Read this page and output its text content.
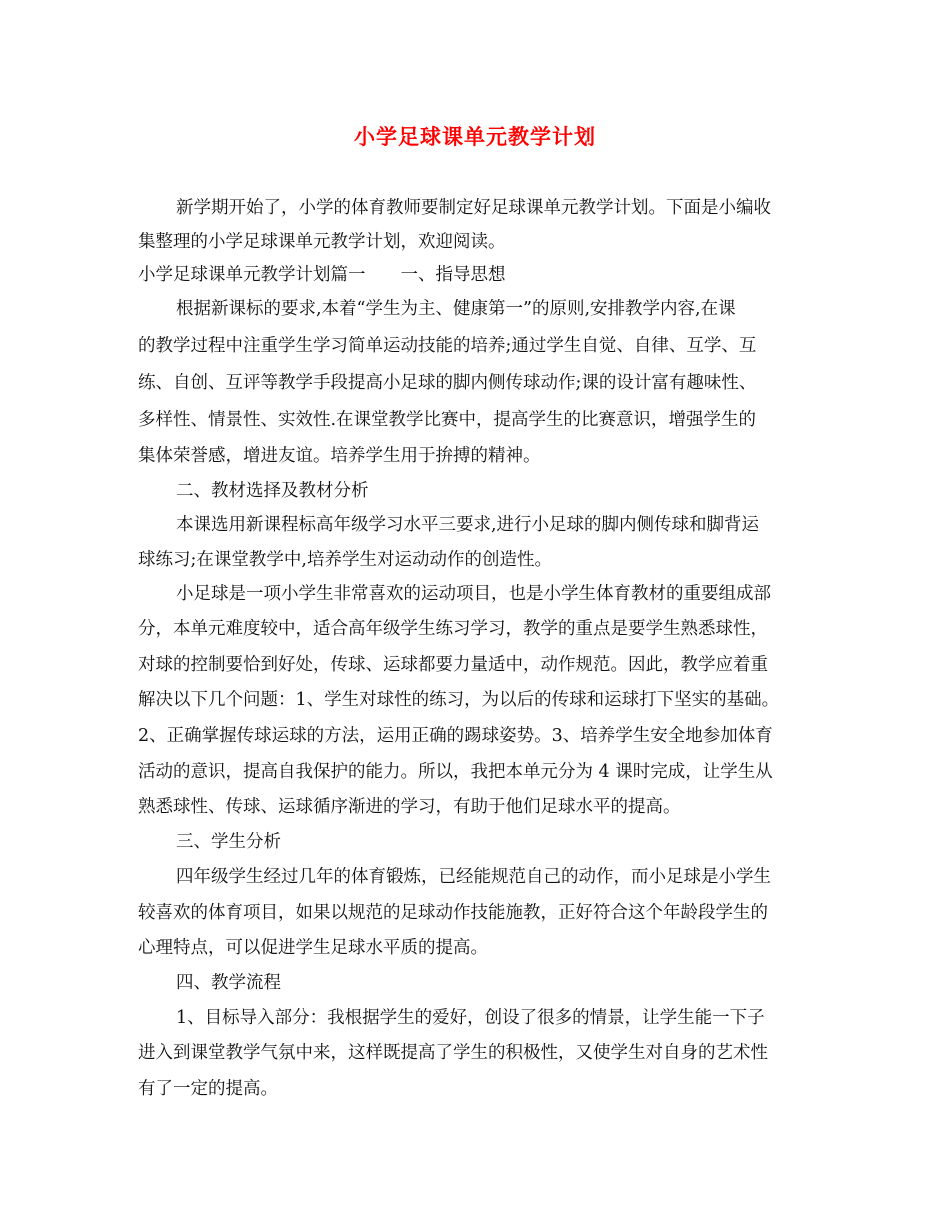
小学足球课单元教学计划
新学期开始了，小学的体育教师要制定好足球课单元教学计划。下面是小编收
集整理的小学足球课单元教学计划，欢迎阅读。
小学足球课单元教学计划篇一　　一、指导思想
根据新课标的要求,本着“学生为主、健康第一”的原则,安排教学内容,在课
的教学过程中注重学生学习简单运动技能的培养;通过学生自觉、自律、互学、互
练、自创、互评等教学手段提高小足球的脚内侧传球动作;课的设计富有趣味性、
多样性、情景性、实效性.在课堂教学比赛中，提高学生的比赛意识，增强学生的
集体荣誉感，增进友谊。培养学生用于拚搏的精神。
二、教材选择及教材分析
本课选用新课程标高年级学习水平三要求,进行小足球的脚内侧传球和脚背运
球练习;在课堂教学中,培养学生对运动动作的创造性。
小足球是一项小学生非常喜欢的运动项目，也是小学生体育教材的重要组成部
分，本单元难度较中，适合高年级学生练习学习，教学的重点是要学生熟悉球性，
对球的控制要恰到好处，传球、运球都要力量适中，动作规范。因此，教学应着重
解决以下几个问题：1、学生对球性的练习，为以后的传球和运球打下坚实的基础。
2、正确掌握传球运球的方法，运用正确的踢球姿势。3、培养学生安全地参加体育
活动的意识，提高自我保护的能力。所以，我把本单元分为 4 课时完成，让学生从
熟悉球性、传球、运球循序渐进的学习，有助于他们足球水平的提高。
三、学生分析
四年级学生经过几年的体育锻炼，已经能规范自己的动作，而小足球是小学生
较喜欢的体育项目，如果以规范的足球动作技能施教，正好符合这个年龄段学生的
心理特点，可以促进学生足球水平质的提高。
四、教学流程
1、目标导入部分：我根据学生的爱好，创设了很多的情景，让学生能一下子
进入到课堂教学气氛中来，这样既提高了学生的积极性，又使学生对自身的艺术性
有了一定的提高。
